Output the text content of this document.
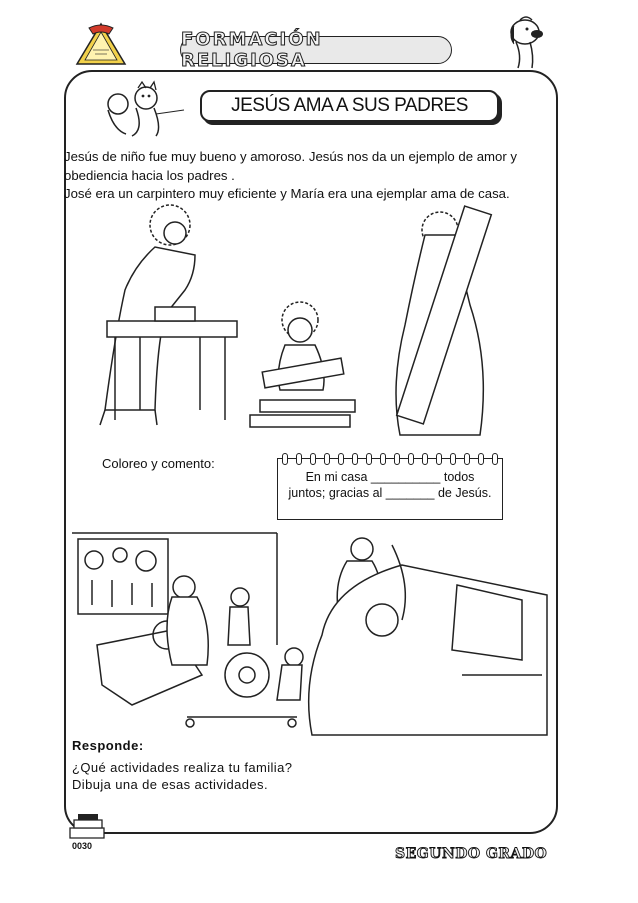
FORMACIÓN RELIGIOSA
JESÚS AMA A SUS PADRES

Jesús de niño fue muy bueno y amoroso. Jesús nos da un ejemplo de amor y obediencia hacia los padres .

José era un carpintero muy eficiente y María era una ejemplar ama de casa.

Coloreo y comento:
En mi casa __________ todos juntos; gracias al _______ de Jesús.
Responde:
¿Qué actividades realiza tu familia?
Dibuja una de esas actividades.
0030	SEGUNDO GRADO
